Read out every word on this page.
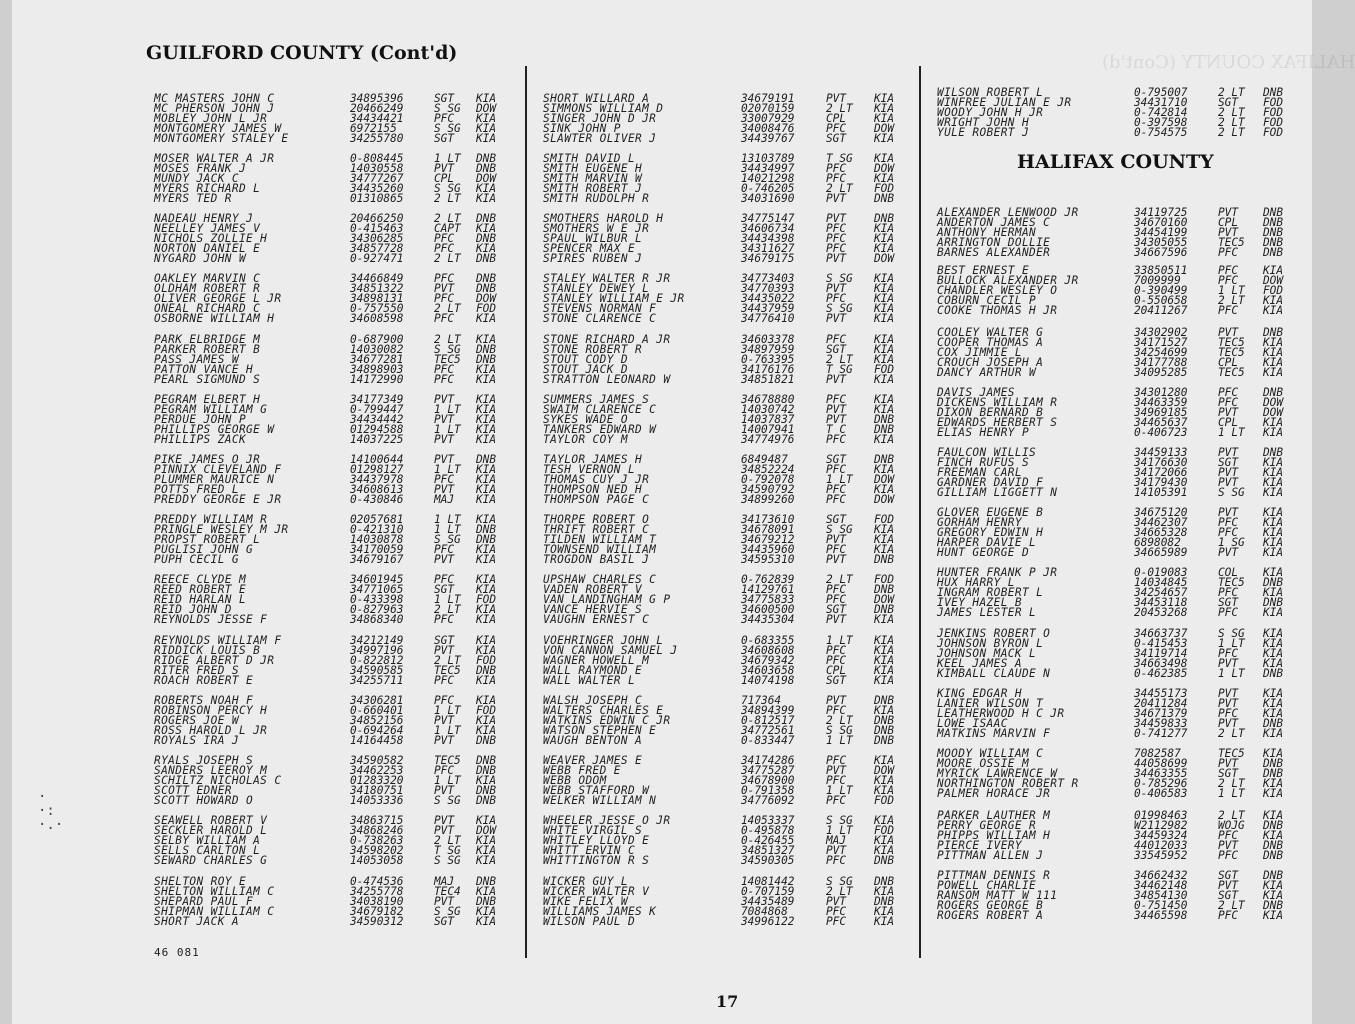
HALIFAX COUNTY (Cont'd)
·
·:
·.·
GUILFORD COUNTY (Cont'd)
HALIFAX COUNTY
MC MASTERS JOHN C	34895396	SGT KIA
MC PHERSON JOHN J	20466249	S SG DOW
MOBLEY JOHN L JR	34434421	PFC KIA
MONTGOMERY JAMES W	6972155	S SG KIA
MONTGOMERY STALEY E	34255780	SGT KIA
MOSER WALTER A JR	0-808445	1 LT DNB
MOSES FRANK J	14030558	PVT DNB
MUNDY JACK C	34777267	CPL DOW
MYERS RICHARD L	34435260	S SG KIA
MYERS TED R	01310865	2 LT KIA
NADEAU HENRY J	20466250	2 LT DNB
NEELLEY JAMES V	0-415463	CAPT KIA
NICHOLS ZOLLIE H	34306285	PFC DNB
NORTON DANIEL E	34857728	PFC KIA
NYGARD JOHN W	0-927471	2 LT DNB
OAKLEY MARVIN C	34466849	PFC DNB
OLDHAM ROBERT R	34851322	PVT DNB
OLIVER GEORGE L JR	34898131	PFC DOW
ONEAL RICHARD C	0-757550	2 LT FOD
OSBORNE WILLIAM H	34608598	PFC KIA
PARK ELBRIDGE M	0-687900	2 LT KIA
PARKER ROBERT B	14030082	S SG DNB
PASS JAMES W	34677281	TEC5 DNB
PATTON VANCE H	34898903	PFC KIA
PEARL SIGMUND S	14172990	PFC KIA
PEGRAM ELBERT H	34177349	PVT KIA
PEGRAM WILLIAM G	0-799447	1 LT KIA
PERDUE JOHN P	34434442	PVT KIA
PHILLIPS GEORGE W	01294588	1 LT KIA
PHILLIPS ZACK	14037225	PVT KIA
PIKE JAMES O JR	14100644	PVT DNB
PINNIX CLEVELAND F	01298127	1 LT KIA
PLUMMER MAURICE N	34437978	PFC KIA
POTTS FRED L	34608613	PVT KIA
PREDDY GEORGE E JR	0-430846	MAJ KIA
PREDDY WILLIAM R	02057681	1 LT KIA
PRINGLE WESLEY M JR	0-421310	1 LT DNB
PROPST ROBERT L	14030878	S SG DNB
PUGLISI JOHN G	34170059	PFC KIA
PUPH CECIL G	34679167	PVT KIA
REECE CLYDE M	34601945	PFC KIA
REED ROBERT E	34771065	SGT KIA
REID HARLAN L	0-433398	1 LT FOD
REID JOHN D	0-827963	2 LT KIA
REYNOLDS JESSE F	34868340	PFC KIA
REYNOLDS WILLIAM F	34212149	SGT KIA
RIDDICK LOUIS B	34997196	PVT KIA
RIDGE ALBERT D JR	0-822812	2 LT FOD
RITER FRED S	34590585	TEC5 DNB
ROACH ROBERT E	34255711	PFC KIA
ROBERTS NOAH F	34306281	PFC KIA
ROBINSON PERCY H	0-660401	1 LT FOD
ROGERS JOE W	34852156	PVT KIA
ROSS HAROLD L JR	0-694264	1 LT KIA
ROYALS IRA J	14164458	PVT DNB
RYALS JOSEPH S	34590582	TEC5 DNB
SANDERS LEEROY M	34462253	PFC DNB
SCHILTZ NICHOLAS C	01283320	1 LT KIA
SCOTT EDNER	34180751	PVT DNB
SCOTT HOWARD O	14053336	S SG DNB
SEAWELL ROBERT V	34863715	PVT KIA
SECKLER HAROLD L	34868246	PVT DOW
SELBY WILLIAM A	0-738263	2 LT KIA
SELLS CARLTON L	34598202	T SG KIA
SEWARD CHARLES G	14053058	S SG KIA
SHELTON ROY E	0-474536	MAJ DNB
SHELTON WILLIAM C	34255778	TEC4 KIA
SHEPARD PAUL F	34038190	PVT DNB
SHIPMAN WILLIAM C	34679182	S SG KIA
SHORT JACK A	34590312	SGT KIA
SHORT WILLARD A	34679191	PVT	KIA
SIMMONS WILLIAM D	02070159	2 LT KIA
SINGER JOHN D JR	33007929	CPL	KIA
SINK JOHN P	34008476	PFC	DOW
SLAWTER OLIVER J	34439767	SGT	KIA
SMITH DAVID L	13103789	T SG KIA
SMITH EUGENE H	34434997	PFC	DOW
SMITH MARVIN W	14021298	PFC	KIA
SMITH ROBERT J	0-746205	2 LT FOD
SMITH RUDOLPH R	34031690	PVT	DNB
SMOTHERS HAROLD H	34775147	PVT	DNB
SMOTHERS W E JR	34606734	PFC	KIA
SPAUL WILBUR L	34434398	PFC	KIA
SPENCER MAX E	34311627	PFC	KIA
SPIRES RUBEN J	34679175	PVT	DOW
STALEY WALTER R JR	34773403	S SG KIA
STANLEY DEWEY L	34770393	PVT	KIA
STANLEY WILLIAM E JR	34435022	PFC	KIA
STEVENS NORMAN F	34437959	S SG KIA
STONE CLARENCE C	34776410	PVT	KIA
STONE RICHARD A JR	34603378	PFC	KIA
STONE ROBERT R	34897959	SGT	KIA
STOUT CODY D	0-763395	2 LT KIA
STOUT JACK D	34176176	T SG FOD
STRATTON LEONARD W	34851821	PVT	KIA
SUMMERS JAMES S	34678880	PFC	KIA
SWAIM CLARENCE C	14030742	PVT	KIA
SYKES WADE O	14037837	PVT	DNB
TANKERS EDWARD W	14007941	T C	DNB
TAYLOR COY M	34774976	PFC	KIA
TAYLOR JAMES H	6849487	SGT	DNB
TESH VERNON L	34852224	PFC	KIA
THOMAS CUY J JR	0-792078	1 LT DOW
THOMPSON NED H	34590792	PFC	KIA
THOMPSON PAGE C	34899260	PFC	DOW
THORPE ROBERT O	34173610	SGT	FOD
THRIFT ROBERT C	34678091	S SG KIA
TILDEN WILLIAM T	34679212	PVT	KIA
TOWNSEND WILLIAM	34435960	PFC	KIA
TROGDON BASIL J	34595310	PVT	DNB
UPSHAW CHARLES C	0-762839	2 LT FOD
VADEN ROBERT V	14129761	PFC	DNB
VAN LANDINGHAM G P	34775833	PFC	DOW
VANCE HERVIE S	34600500	SGT	DNB
VAUGHN ERNEST C	34435304	PVT	KIA
VOEHRINGER JOHN L	0-683355	1 LT KIA
VON CANNON SAMUEL J	34608608	PFC	KIA
WAGNER HOWELL M	34679342	PFC	KIA
WALL RAYMOND E	34603658	CPL	KIA
WALL WALTER L	14074198	SGT	KIA
WALSH JOSEPH C	717364	PVT	DNB
WALTERS CHARLES E	34894399	PFC	KIA
WATKINS EDWIN C JR	0-812517	2 LT DNB
WATSON STEPHEN E	34772561	S SG DNB
WAUGH BENTON A	0-833447	1 LT DNB
WEAVER JAMES E	34174286	PFC	KIA
WEBB FRED E	34775287	PVT	DOW
WEBB ODOM	34678900	PFC	KIA
WEBB STAFFORD W	0-791358	1 LT KIA
WELKER WILLIAM N	34776092	PFC	FOD
WHEELER JESSE O JR	14053337	S SG KIA
WHITE VIRGIL S	0-495878	1 LT FOD
WHITLEY LLOYD E	0-426455	MAJ	KIA
WHITT ERVIN C	34851327	PVT	KIA
WHITTINGTON R S	34590305	PFC	DNB
WICKER GUY L	14081442	S SG DNB
WICKER WALTER V	0-707159	2 LT KIA
WIKE FELIX W	34435489	PVT	DNB
WILLIAMS JAMES K	7084868	PFC	KIA
WILSON PAUL D	34996122	PFC	KIA
WILSON ROBERT L	0-795007	2 LT DNB
WINFREE JULIAN E JR	34431710	SGT FOD
WOODY JOHN H JR	0-742814	2 LT FOD
WRIGHT JOHN H	0-397598	2 LT FOD
YULE ROBERT J	0-754575	2 LT FOD
ALEXANDER LENWOOD JR	34119725	PVT DNB
ANDERTON JAMES C	34670160	CPL DNB
ANTHONY HERMAN	34454199	PVT DNB
ARRINGTON DOLLIE	34305055	TEC5 DNB
BARNES ALEXANDER	34667596	PFC DNB
BEST ERNEST E	33850511	PFC KIA
BULLOCK ALEXANDER JR	7009999	PFC DOW
CHANDLER WESLEY O	0-390499	1 LT FOD
COBURN CECIL P	0-550658	2 LT KIA
COOKE THOMAS H JR	20411267	PFC KIA
COOLEY WALTER G	34302902	PVT DNB
COOPER THOMAS A	34171527	TEC5 KIA
COX JIMMIE L	34254699	TEC5 KIA
CROUCH JOSEPH A	34177788	CPL KIA
DANCY ARTHUR W	34095285	TEC5 KIA
DAVIS JAMES	34301280	PFC DNB
DICKENS WILLIAM R	34463359	PFC DOW
DIXON BERNARD B	34969185	PVT DOW
EDWARDS HERBERT S	34465637	CPL KIA
ELIAS HENRY P	0-406723	1 LT KIA
FAULCON WILLIS	34459133	PVT DNB
FINCH RUFUS S	34176630	SGT KIA
FREEMAN CARL	34172066	PVT KIA
GARDNER DAVID F	34179430	PVT KIA
GILLIAM LIGGETT N	14105391	S SG KIA
GLOVER EUGENE B	34675120	PVT KIA
GORHAM HENRY	34462307	PFC KIA
GREGORY EDWIN H	34665328	PFC KIA
HARPER DAVIE L	6898082	1 SG KIA
HUNT GEORGE D	34665989	PVT KIA
HUNTER FRANK P JR	0-019083	COL KIA
HUX HARRY L	14034845	TEC5 DNB
INGRAM ROBERT L	34254657	PFC KIA
IVEY HAZEL B	34453118	SGT DNB
JAMES LESTER L	20453268	PFC KIA
JENKINS ROBERT O	34663737	S SG KIA
JOHNSON BYRON L	0-415453	1 LT KIA
JOHNSON MACK L	34119714	PFC KIA
KEEL JAMES A	34663498	PVT KIA
KIMBALL CLAUDE N	0-462385	1 LT DNB
KING EDGAR H	34455173	PVT KIA
LANIER WILSON T	20411284	PVT KIA
LEATHERWOOD H C JR	34671379	PFC KIA
LOWE ISAAC	34459833	PVT DNB
MATKINS MARVIN F	0-741277	2 LT KIA
MOODY WILLIAM C	7082587	TEC5 KIA
MOORE OSSIE M	44058699	PVT DNB
MYRICK LAWRENCE W	34463355	SGT DNB
NORTHINGTON ROBERT R	0-785296	2 LT KIA
PALMER HORACE JR	0-406583	1 LT KIA
PARKER LAUTHER M	01998463	2 LT KIA
PERRY GEORGE R	W2112982	WOJG DNB
PHIPPS WILLIAM H	34459324	PFC KIA
PIERCE IVERY	44012033	PVT DNB
PITTMAN ALLEN J	33545952	PFC DNB
PITTMAN DENNIS R	34662432	SGT DNB
POWELL CHARLIE	34462148	PVT KIA
RANSOM MATT W 111	34854130	SGT KIA
ROGERS GEORGE B	0-751450	2 LT DNB
ROGERS ROBERT A	34465598	PFC KIA
46 081
17
